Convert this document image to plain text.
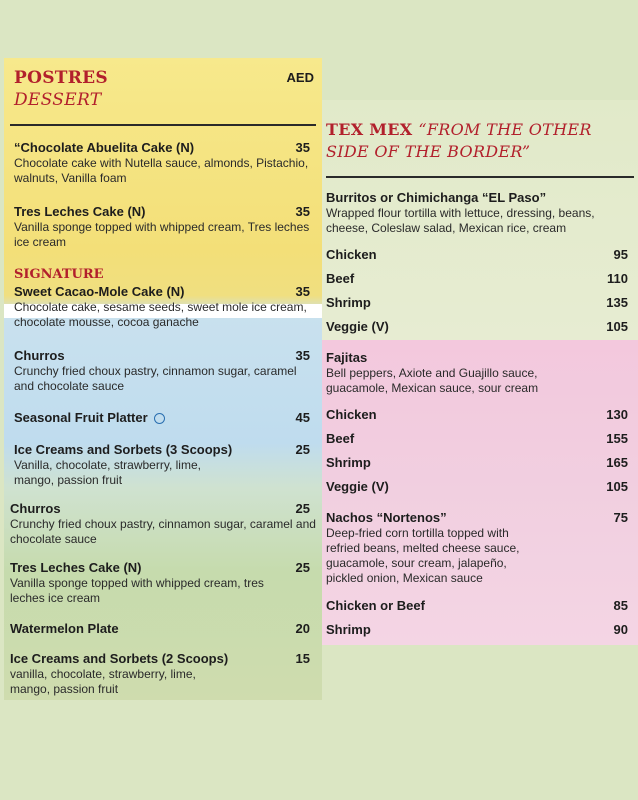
POSTRES
DESSERT
AED
“Chocolate Abuelita Cake (N)	35
Chocolate cake with Nutella sauce, almonds, Pistachio, walnuts, Vanilla foam
Tres Leches Cake (N)	35
Vanilla sponge topped with whipped cream, Tres leches ice cream
SIGNATURE
Sweet Cacao-Mole Cake (N)	35
Chocolate cake, sesame seeds, sweet mole ice cream, chocolate mousse, cocoa ganache
Churros	35
Crunchy fried choux pastry, cinnamon sugar, caramel and chocolate sauce
Seasonal Fruit Platter	45
Ice Creams and Sorbets (3 Scoops)	25
Vanilla, chocolate, strawberry, lime, mango, passion fruit
Churros	25
Crunchy fried choux pastry, cinnamon sugar, caramel and chocolate sauce
Tres Leches Cake (N)	25
Vanilla sponge topped with whipped cream, tres leches ice cream
Watermelon Plate	20
Ice Creams and Sorbets (2 Scoops)	15
vanilla, chocolate, strawberry, lime, mango, passion fruit
TEX MEX “FROM THE OTHER
SIDE OF THE BORDER”
Burritos or Chimichanga “EL Paso”
Wrapped flour tortilla with lettuce, dressing, beans, cheese, Coleslaw salad, Mexican rice, cream
Chicken	95
Beef	110
Shrimp	135
Veggie (V)	105
Fajitas
Bell peppers, Axiote and Guajillo sauce, guacamole, Mexican sauce, sour cream
Chicken	130
Beef	155
Shrimp	165
Veggie (V)	105
Nachos “Nortenos”	75
Deep-fried corn tortilla topped with refried beans, melted cheese sauce, guacamole, sour cream, jalapeño, pickled onion, Mexican sauce
Chicken or Beef	85
Shrimp	90
